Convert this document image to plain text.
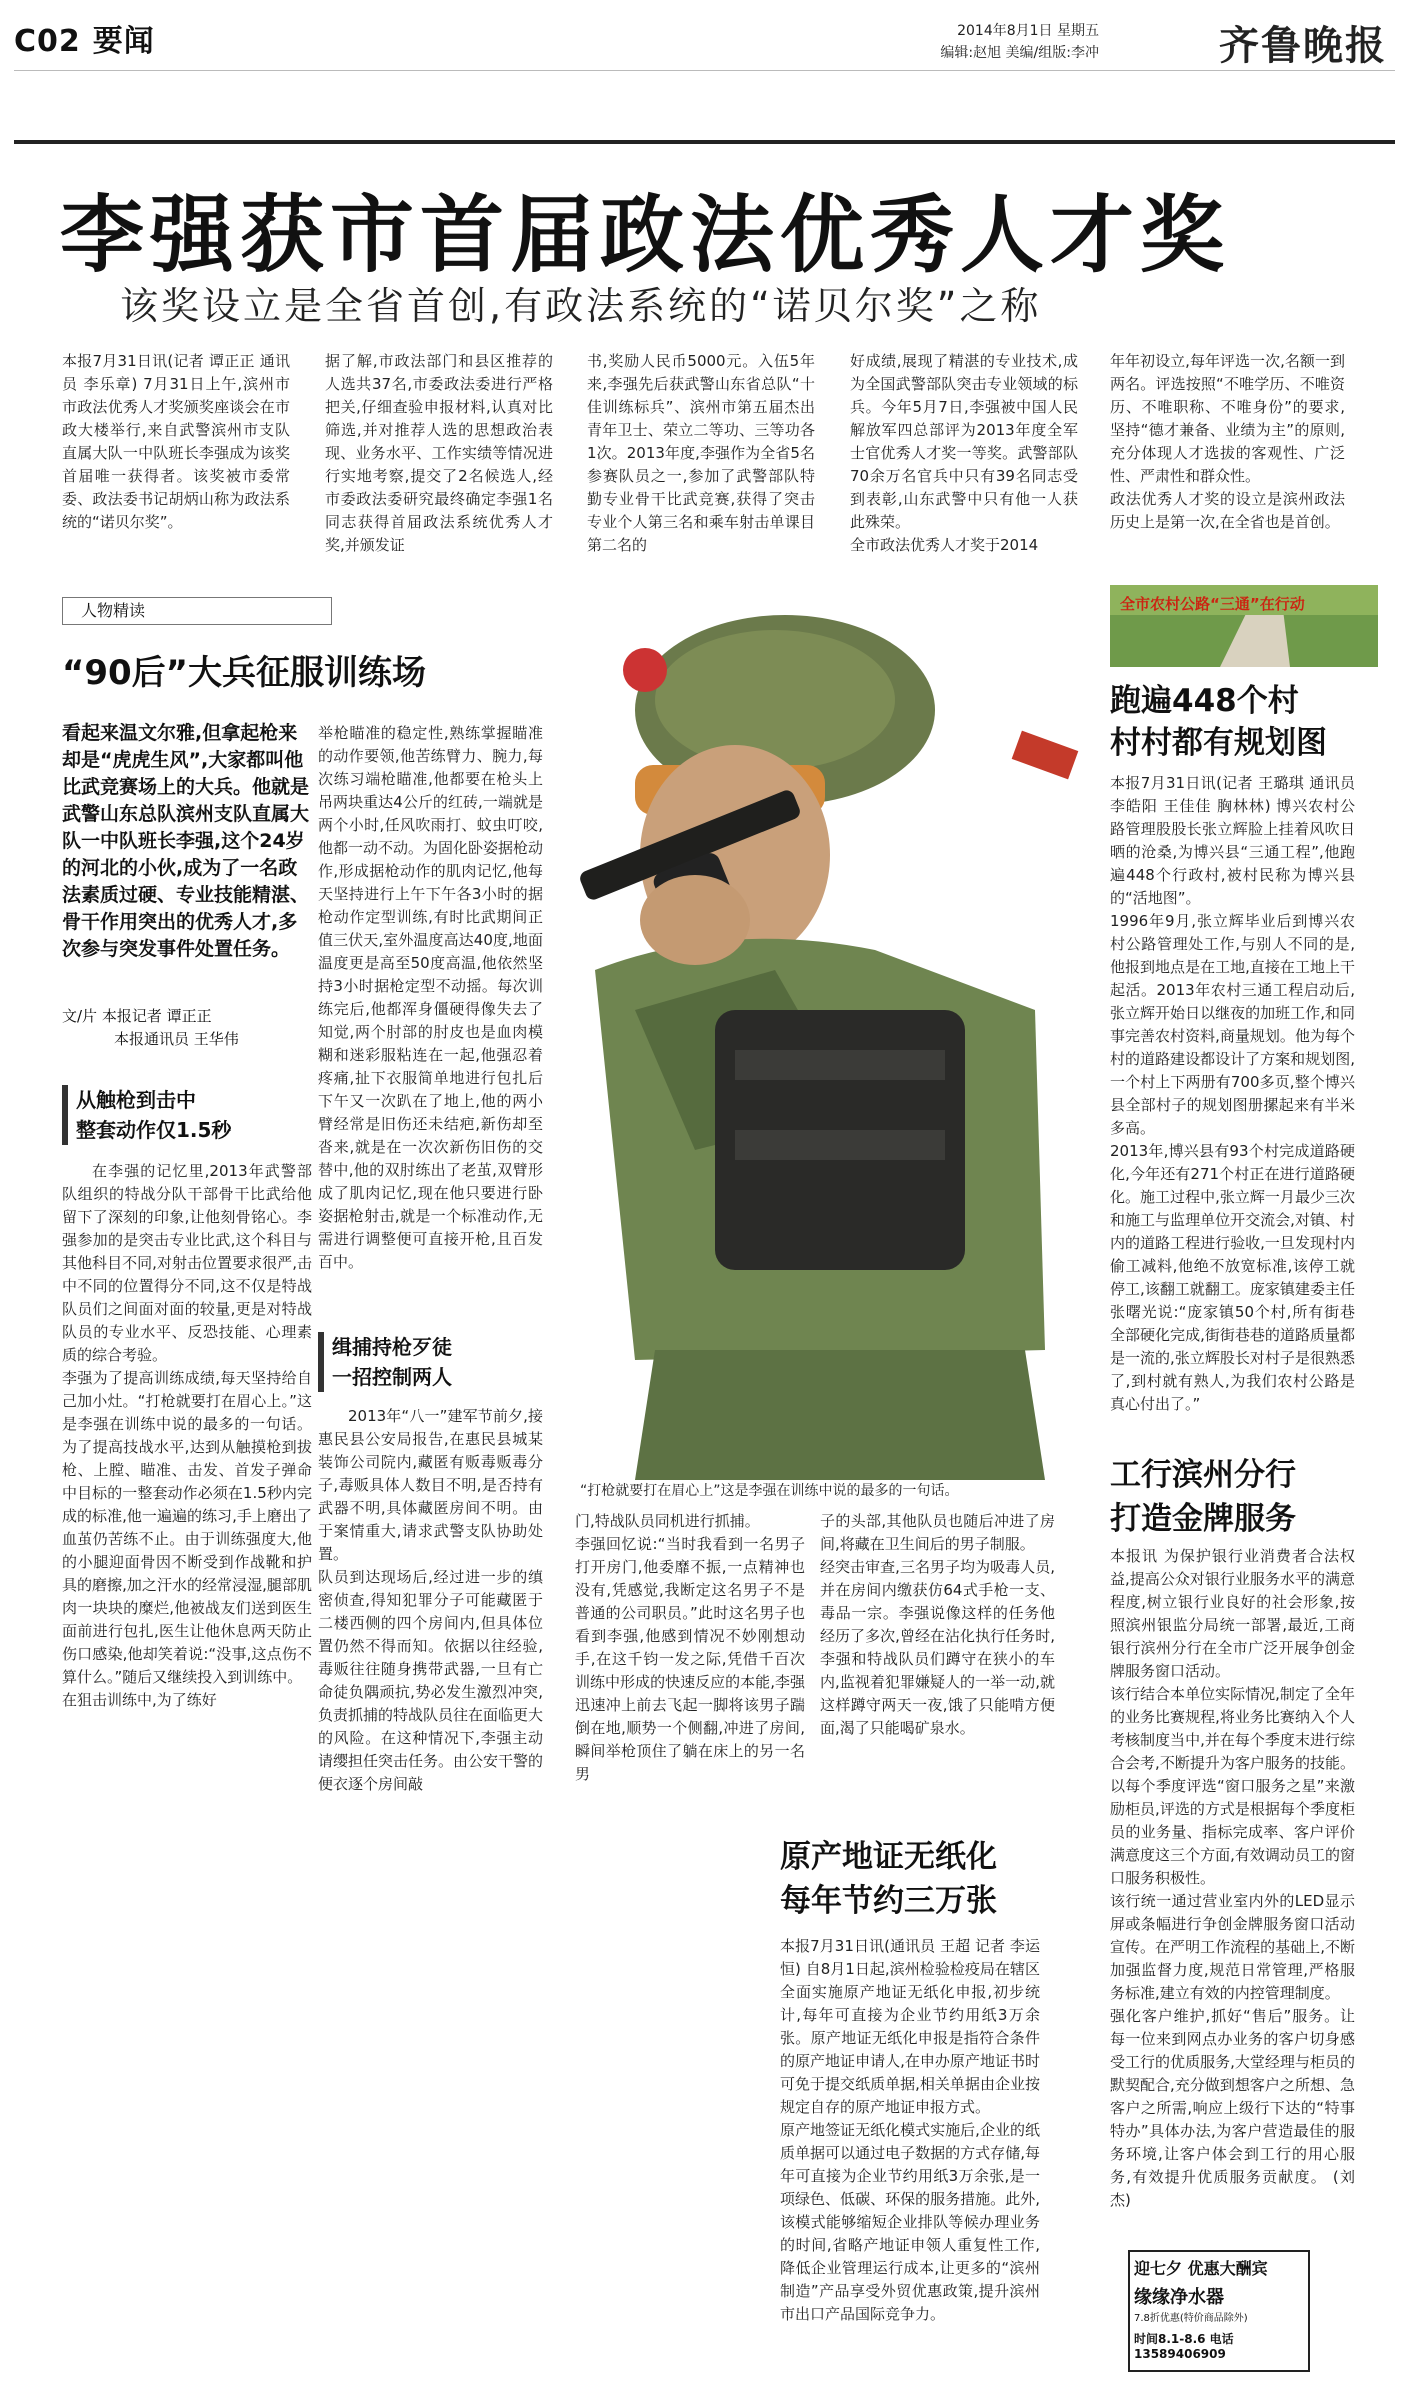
C02 要闻	2014年8月1日 星期五
编辑:赵旭 美编/组版:李冲	齐鲁晚报
李强获市首届政法优秀人才奖
该奖设立是全省首创,有政法系统的“诺贝尔奖”之称
本报7月31日讯(记者 谭正正 通讯员 李乐章) 7月31日上午,滨州市市政法优秀人才奖颁奖座谈会在市政大楼举行,来自武警滨州市支队直属大队一中队班长李强成为该奖首届唯一获得者。该奖被市委常委、政法委书记胡炳山称为政法系统的“诺贝尔奖”。
据了解,市政法部门和县区推荐的人选共37名,市委政法委进行严格把关,仔细查验申报材料,认真对比筛选,并对推荐人选的思想政治表现、业务水平、工作实绩等情况进行实地考察,提交了2名候选人,经市委政法委研究最终确定李强1名同志获得首届政法系统优秀人才奖,并颁发证
书,奖励人民币5000元。入伍5年来,李强先后获武警山东省总队“十佳训练标兵”、滨州市第五届杰出青年卫士、荣立二等功、三等功各1次。2013年度,李强作为全省5名参赛队员之一,参加了武警部队特勤专业骨干比武竞赛,获得了突击专业个人第三名和乘车射击单课目第二名的
好成绩,展现了精湛的专业技术,成为全国武警部队突击专业领域的标兵。今年5月7日,李强被中国人民解放军四总部评为2013年度全军士官优秀人才奖一等奖。武警部队70余万名官兵中只有39名同志受到表彰,山东武警中只有他一人获此殊荣。
全市政法优秀人才奖于2014
年年初设立,每年评选一次,名额一到两名。评选按照“不唯学历、不唯资历、不唯职称、不唯身份”的要求,坚持“德才兼备、业绩为主”的原则,充分体现人才选拔的客观性、广泛性、严肃性和群众性。
政法优秀人才奖的设立是滨州政法历史上是第一次,在全省也是首创。
人物精读
“90后”大兵征服训练场
看起来温文尔雅,但拿起枪来却是“虎虎生风”,大家都叫他比武竞赛场上的大兵。他就是武警山东总队滨州支队直属大队一中队班长李强,这个24岁的河北的小伙,成为了一名政法素质过硬、专业技能精湛、骨干作用突出的优秀人才,多次参与突发事件处置任务。
文/片 本报记者 谭正正
本报通讯员 王华伟
从触枪到击中
整套动作仅1.5秒
在李强的记忆里,2013年武警部队组织的特战分队干部骨干比武给他留下了深刻的印象,让他刻骨铭心。李强参加的是突击专业比武,这个科目与其他科目不同,对射击位置要求很严,击中不同的位置得分不同,这不仅是特战队员们之间面对面的较量,更是对特战队员的专业水平、反恐技能、心理素质的综合考验。
李强为了提高训练成绩,每天坚持给自己加小灶。“打枪就要打在眉心上。”这是李强在训练中说的最多的一句话。为了提高技战水平,达到从触摸枪到拔枪、上膛、瞄准、击发、首发子弹命中目标的一整套动作必须在1.5秒内完成的标准,他一遍遍的练习,手上磨出了血茧仍苦练不止。由于训练强度大,他的小腿迎面骨因不断受到作战靴和护具的磨擦,加之汗水的经常浸湿,腿部肌肉一块块的糜烂,他被战友们送到医生面前进行包扎,医生让他休息两天防止伤口感染,他却笑着说:“没事,这点伤不算什么。”随后又继续投入到训练中。
在狙击训练中,为了练好
举枪瞄准的稳定性,熟练掌握瞄准的动作要领,他苦练臂力、腕力,每次练习端枪瞄准,他都要在枪头上吊两块重达4公斤的红砖,一端就是两个小时,任风吹雨打、蚊虫叮咬,他都一动不动。为固化卧姿据枪动作,形成据枪动作的肌肉记忆,他每天坚持进行上午下午各3小时的据枪动作定型训练,有时比武期间正值三伏天,室外温度高达40度,地面温度更是高至50度高温,他依然坚持3小时据枪定型不动摇。每次训练完后,他都浑身僵硬得像失去了知觉,两个肘部的肘皮也是血肉模糊和迷彩服粘连在一起,他强忍着疼痛,扯下衣服简单地进行包扎后下午又一次趴在了地上,他的两小臂经常是旧伤还未结疤,新伤却至沓来,就是在一次次新伤旧伤的交替中,他的双肘练出了老茧,双臂形成了肌肉记忆,现在他只要进行卧姿据枪射击,就是一个标准动作,无需进行调整便可直接开枪,且百发百中。
缉捕持枪歹徒
一招控制两人
2013年“八一”建军节前夕,接惠民县公安局报告,在惠民县城某装饰公司院内,藏匿有贩毒贩毒分子,毒贩具体人数目不明,是否持有武器不明,具体藏匿房间不明。由于案情重大,请求武警支队协助处置。
队员到达现场后,经过进一步的缜密侦查,得知犯罪分子可能藏匿于二楼西侧的四个房间内,但具体位置仍然不得而知。依据以往经验,毒贩往往随身携带武器,一旦有亡命徒负隅顽抗,势必发生激烈冲突,负责抓捕的特战队员往在面临更大的风险。在这种情况下,李强主动请缨担任突击任务。由公安干警的便衣逐个房间敲
“打枪就要打在眉心上”这是李强在训练中说的最多的一句话。
门,特战队员同机进行抓捕。
李强回忆说:“当时我看到一名男子打开房门,他委靡不振,一点精神也没有,凭感觉,我断定这名男子不是普通的公司职员。”此时这名男子也看到李强,他感到情况不妙刚想动手,在这千钧一发之际,凭借千百次训练中形成的快速反应的本能,李强迅速冲上前去飞起一脚将该男子踹倒在地,顺势一个侧翻,冲进了房间,瞬间举枪顶住了躺在床上的另一名男
子的头部,其他队员也随后冲进了房间,将藏在卫生间后的男子制服。
经突击审查,三名男子均为吸毒人员,并在房间内缴获仿64式手枪一支、毒品一宗。李强说像这样的任务他经历了多次,曾经在沾化执行任务时,李强和特战队员们蹲守在狭小的车内,监视着犯罪嫌疑人的一举一动,就这样蹲守两天一夜,饿了只能啃方便面,渴了只能喝矿泉水。
全市农村公路“三通”在行动
跑遍448个村
村村都有规划图
本报7月31日讯(记者 王璐琪 通讯员 李皓阳 王佳佳 胸林林) 博兴农村公路管理股股长张立辉脸上挂着风吹日晒的沧桑,为博兴县“三通工程”,他跑遍448个行政村,被村民称为博兴县的“活地图”。
1996年9月,张立辉毕业后到博兴农村公路管理处工作,与别人不同的是,他报到地点是在工地,直接在工地上干起活。2013年农村三通工程启动后,张立辉开始日以继夜的加班工作,和同事完善农村资料,商量规划。他为每个村的道路建设都设计了方案和规划图,一个村上下两册有700多页,整个博兴县全部村子的规划图册摞起来有半米多高。
2013年,博兴县有93个村完成道路硬化,今年还有271个村正在进行道路硬化。施工过程中,张立辉一月最少三次和施工与监理单位开交流会,对镇、村内的道路工程进行验收,一旦发现村内偷工减料,他绝不放宽标准,该停工就停工,该翻工就翻工。庞家镇建委主任张曙光说:“庞家镇50个村,所有街巷全部硬化完成,街街巷巷的道路质量都是一流的,张立辉股长对村子是很熟悉了,到村就有熟人,为我们农村公路是真心付出了。”
工行滨州分行
打造金牌服务
本报讯 为保护银行业消费者合法权益,提高公众对银行业服务水平的满意程度,树立银行业良好的社会形象,按照滨州银监分局统一部署,最近,工商银行滨州分行在全市广泛开展争创金牌服务窗口活动。
该行结合本单位实际情况,制定了全年的业务比赛规程,将业务比赛纳入个人考核制度当中,并在每个季度末进行综合会考,不断提升为客户服务的技能。以每个季度评选“窗口服务之星”来激励柜员,评选的方式是根据每个季度柜员的业务量、指标完成率、客户评价满意度这三个方面,有效调动员工的窗口服务积极性。
该行统一通过营业室内外的LED显示屏或条幅进行争创金牌服务窗口活动宣传。在严明工作流程的基础上,不断加强监督力度,规范日常管理,严格服务标准,建立有效的内控管理制度。
强化客户维护,抓好“售后”服务。让每一位来到网点办业务的客户切身感受工行的优质服务,大堂经理与柜员的默契配合,充分做到想客户之所想、急客户之所需,响应上级行下达的“特事特办”具体办法,为客户营造最佳的服务环境,让客户体会到工行的用心服务,有效提升优质服务贡献度。 (刘杰)
原产地证无纸化
每年节约三万张
本报7月31日讯(通讯员 王超 记者 李运恒) 自8月1日起,滨州检验检疫局在辖区全面实施原产地证无纸化申报,初步统计,每年可直接为企业节约用纸3万余张。原产地证无纸化申报是指符合条件的原产地证申请人,在申办原产地证书时可免于提交纸质单据,相关单据由企业按规定自存的原产地证申报方式。
原产地签证无纸化模式实施后,企业的纸质单据可以通过电子数据的方式存储,每年可直接为企业节约用纸3万余张,是一项绿色、低碳、环保的服务措施。此外,该模式能够缩短企业排队等候办理业务的时间,省略产地证申领人重复性工作,降低企业管理运行成本,让更多的“滨州制造”产品享受外贸优惠政策,提升滨州市出口产品国际竞争力。
迎七夕 优惠大酬宾
缘缘净水器
7.8折优惠(特价商品除外)
时间8.1-8.6 电话13589406909
